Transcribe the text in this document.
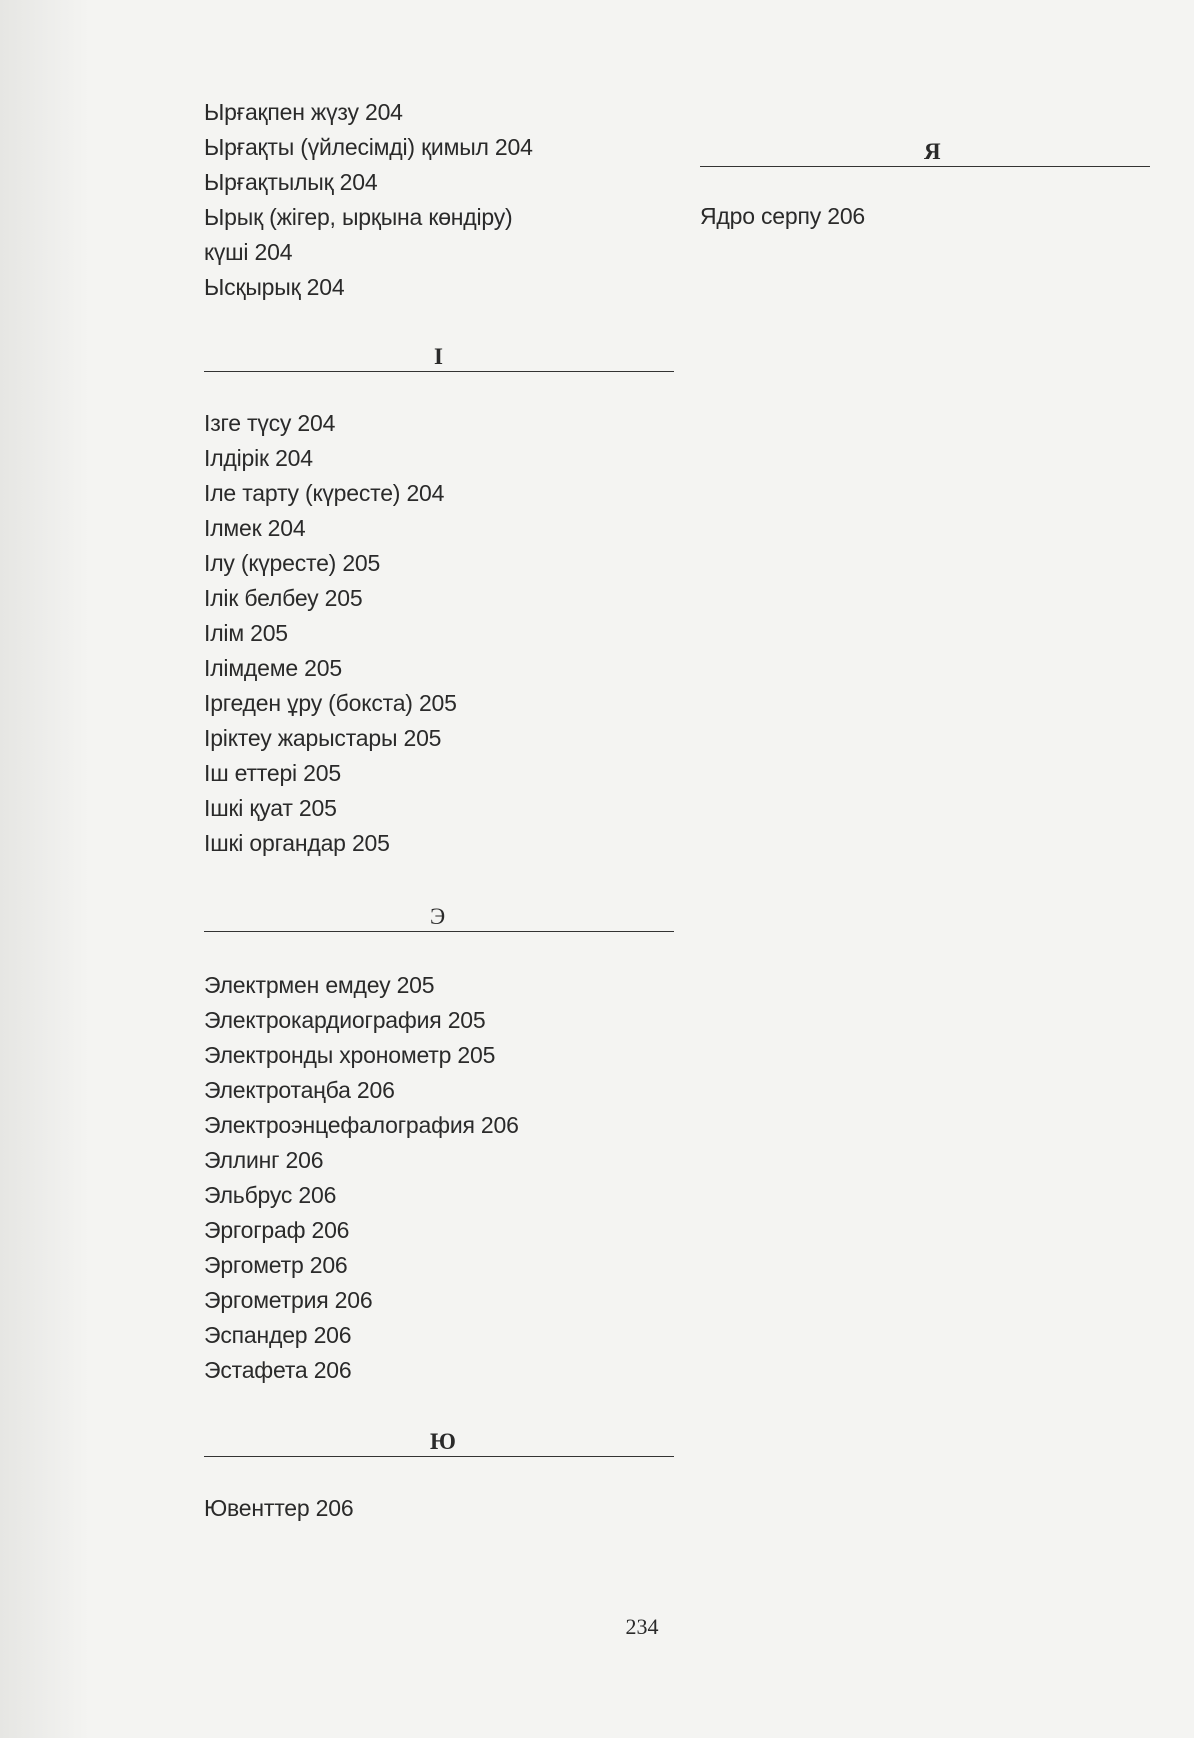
Ырғақпен жүзу 204
Ырғақты (үйлесімді) қимыл 204
Ырғақтылық 204
Ырық (жігер, ырқына көндіру)
күші 204
Ысқырық 204
І
Ізге түсу 204
Ілдірік 204
Іле тарту (күресте) 204
Ілмек 204
Ілу (күресте) 205
Ілік белбеу 205
Ілім 205
Ілімдеме 205
Іргеден ұру (бокста) 205
Іріктеу жарыстары 205
Іш еттері 205
Ішкі қуат 205
Ішкі органдар 205
Э
Электрмен емдеу 205
Электрокардиография 205
Электронды хронометр 205
Электротаңба 206
Электроэнцефалография 206
Эллинг 206
Эльбрус 206
Эргограф 206
Эргометр 206
Эргометрия 206
Эспандер 206
Эстафета 206
Ю
Ювенттер 206
Я
Ядро серпу 206
234
